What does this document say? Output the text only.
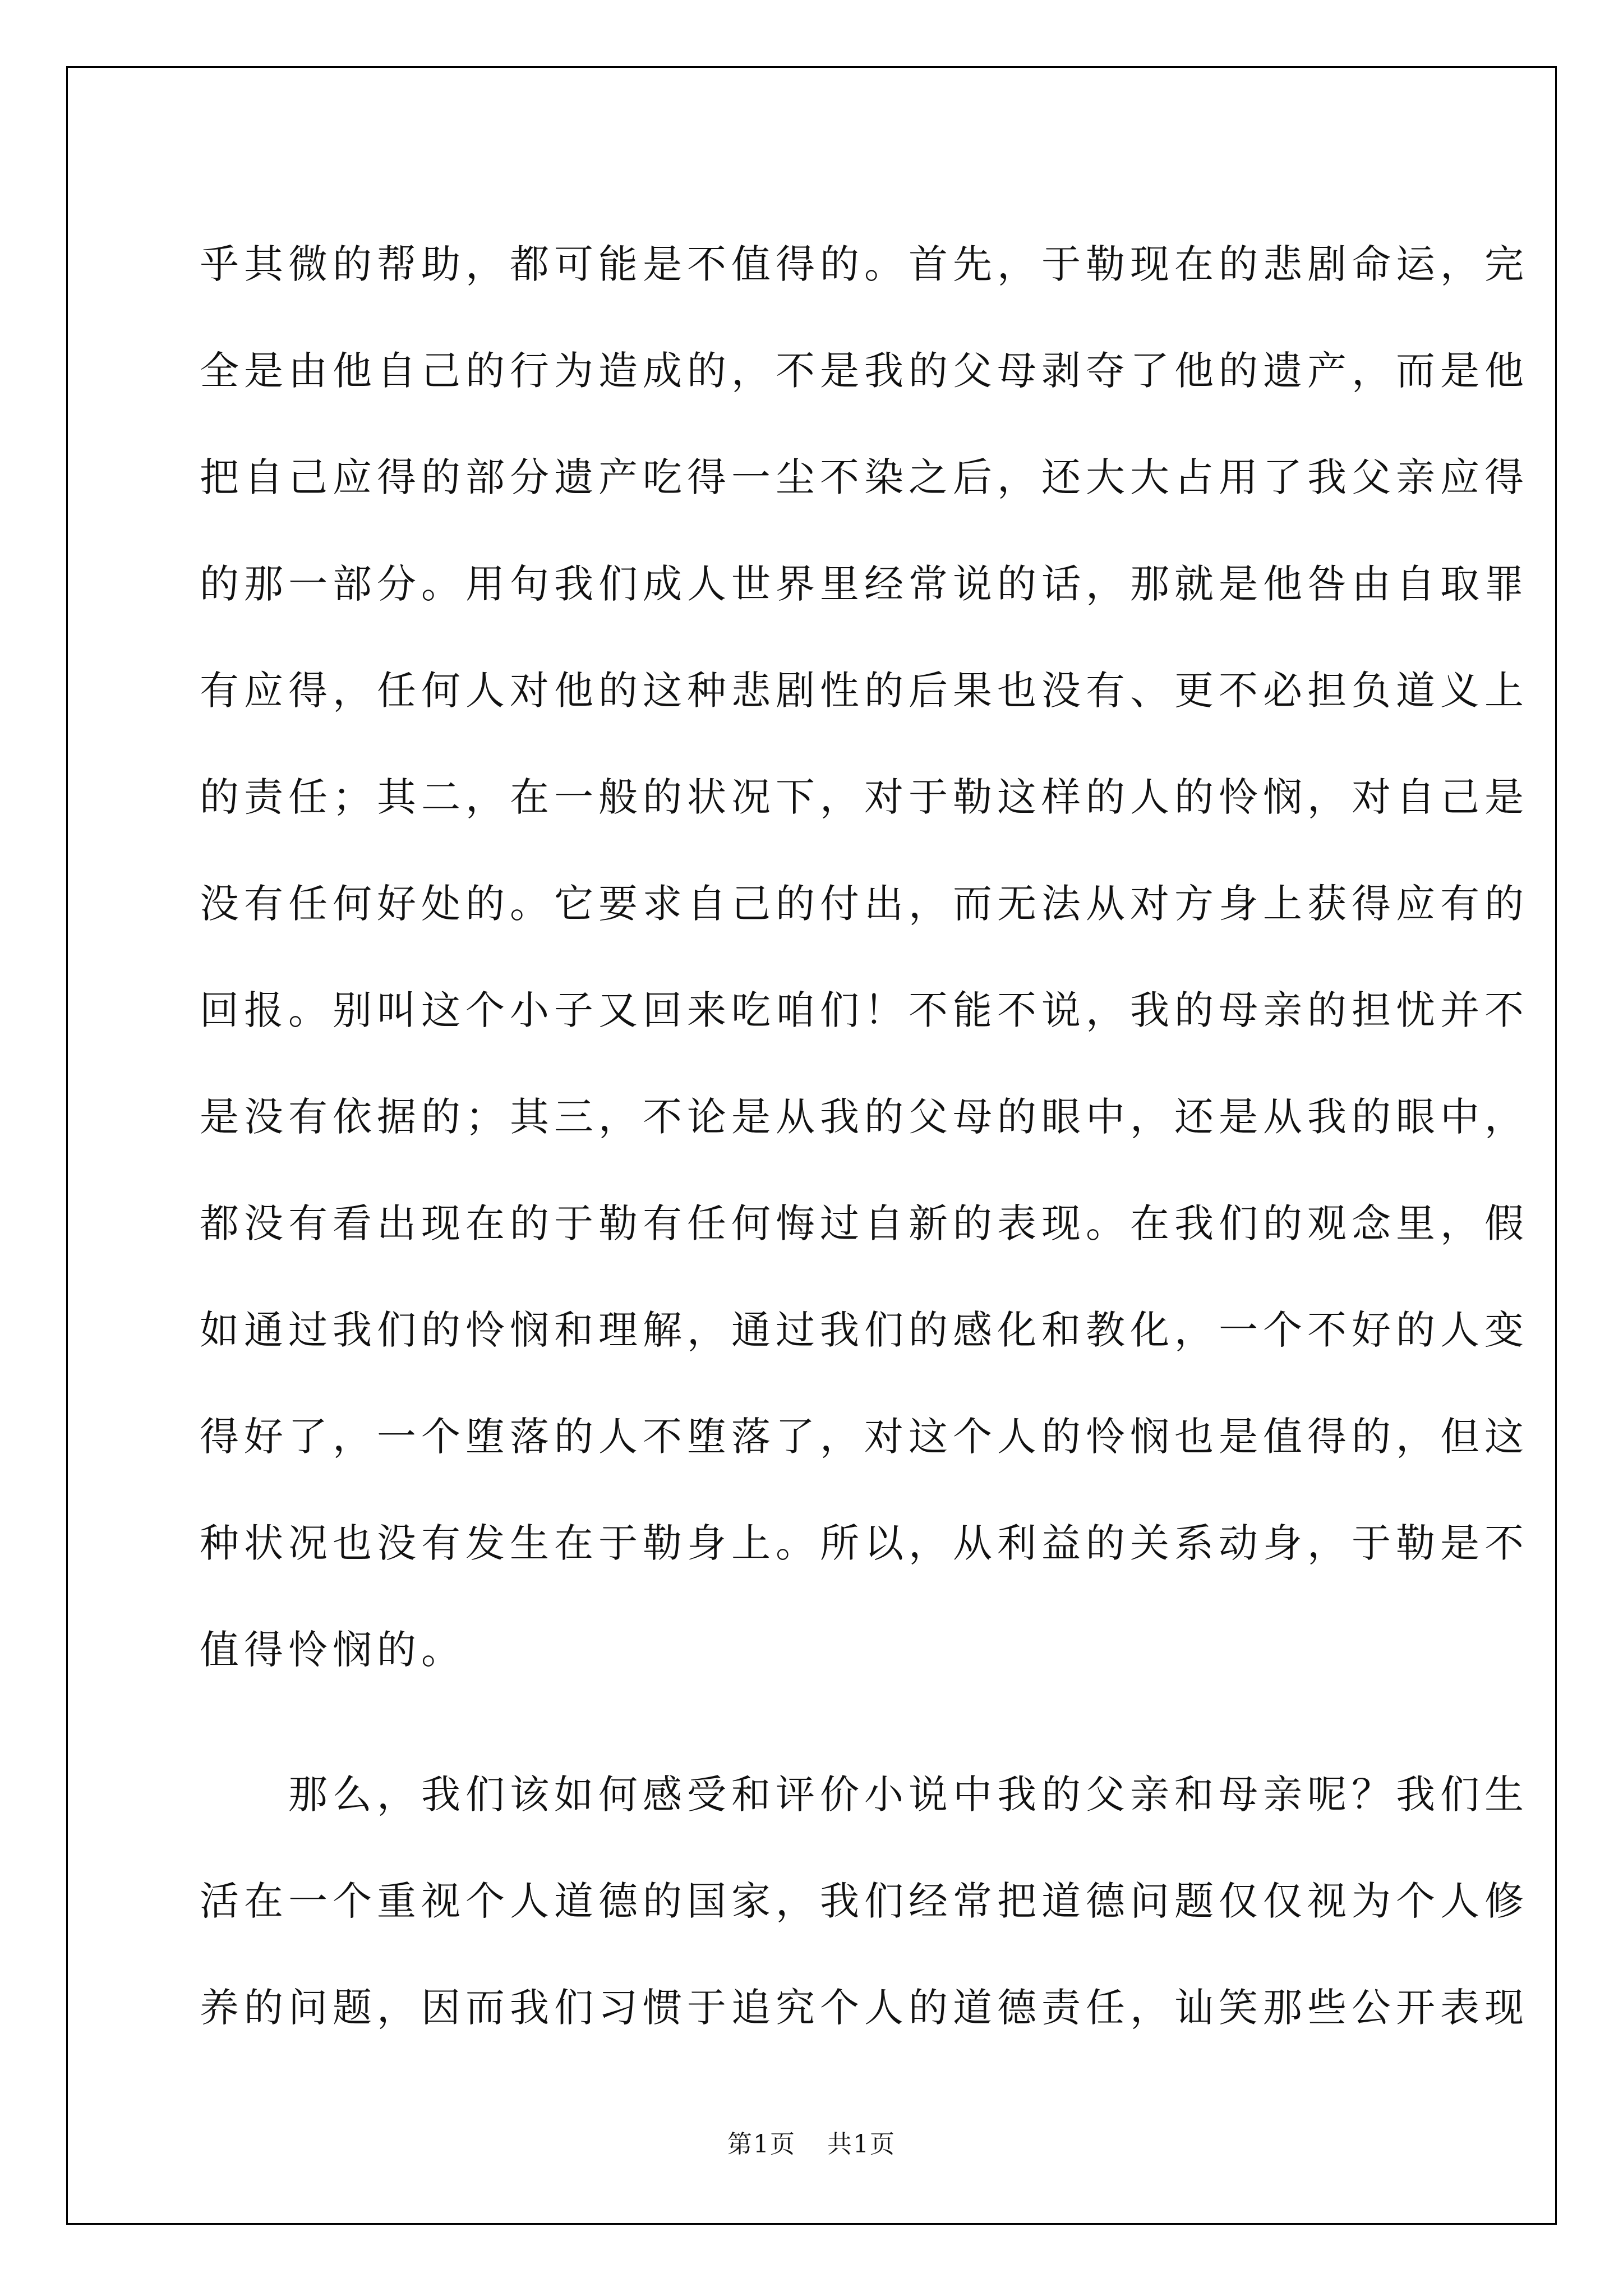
乎其微的帮助，都可能是不值得的。首先，于勒现在的悲剧命运，完
全是由他自己的行为造成的，不是我的父母剥夺了他的遗产，而是他
把自己应得的部分遗产吃得一尘不染之后，还大大占用了我父亲应得
的那一部分。用句我们成人世界里经常说的话，那就是他咎由自取罪
有应得，任何人对他的这种悲剧性的后果也没有、更不必担负道义上
的责任；其二，在一般的状况下，对于勒这样的人的怜悯，对自己是
没有任何好处的。它要求自己的付出，而无法从对方身上获得应有的
回报。别叫这个小子又回来吃咱们！不能不说，我的母亲的担忧并不
是没有依据的；其三，不论是从我的父母的眼中，还是从我的眼中，
都没有看出现在的于勒有任何悔过自新的表现。在我们的观念里，假
如通过我们的怜悯和理解，通过我们的感化和教化，一个不好的人变
得好了，一个堕落的人不堕落了，对这个人的怜悯也是值得的，但这
种状况也没有发生在于勒身上。所以，从利益的关系动身，于勒是不
值得怜悯的。
　　那么，我们该如何感受和评价小说中我的父亲和母亲呢？我们生
活在一个重视个人道德的国家，我们经常把道德问题仅仅视为个人修
养的问题，因而我们习惯于追究个人的道德责任，讪笑那些公开表现
第1页 共1页
